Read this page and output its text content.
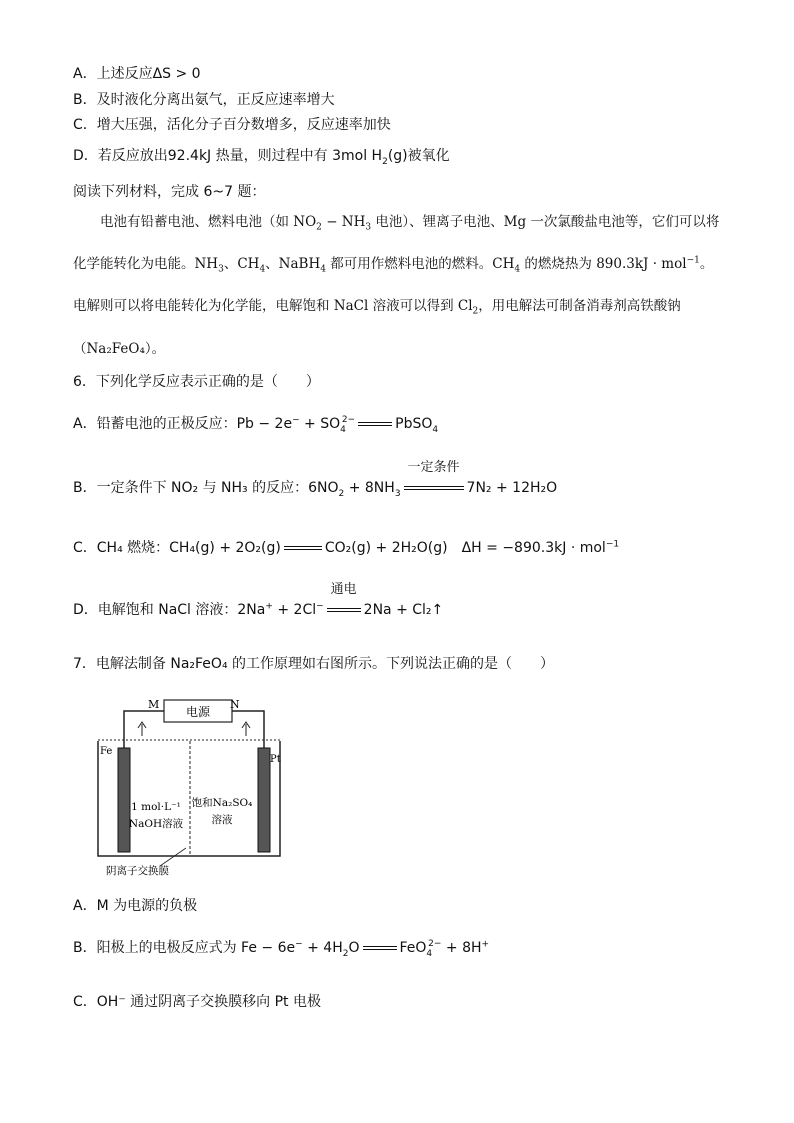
A．上述反应ΔS > 0
B．及时液化分离出氨气，正反应速率增大
C．增大压强，活化分子百分数增多，反应速率加快
D．若反应放出92.4kJ 热量，则过程中有 3mol $H_2(g)$被氧化
阅读下列材料，完成 6~7 题：
电池有铅蓄电池、燃料电池（如 $NO_2 - NH_3$ 电池）、锂离子电池、Mg 一次氯酸盐电池等，它们可以将
化学能转化为电能。$NH_3$、$CH_4$、NaBH$_4$ 都可用作燃料电池的燃料。$CH_4$ 的燃烧热为 890.3kJ · mol$^{-1}$。
电解则可以将电能转化为化学能，电解饱和 NaCl 溶液可以得到 $Cl_2$，用电解法可制备消毒剂高铁酸钠
（Na₂FeO₄）。
6．下列化学反应表示正确的是（　　）
A．铅蓄电池的正极反应：$Pb - 2e^- + SO_4^{2-}$	PbSO$_4$
B．一定条件下 NO₂ 与 NH₃ 的反应：$6NO_2 + 8NH_3$
一定条件
7N₂ + 12H₂O
C．CH₄ 燃烧：CH₄(g) + 2O₂(g)	CO₂(g) + 2H₂O(g)　ΔH = −890.3kJ · mol$^{-1}$
D．电解饱和 NaCl 溶液：2Na+ + 2Cl−
通电
2Na + Cl₂↑
7．电解法制备 Na₂FeO₄ 的工作原理如右图所示。下列说法正确的是（　　）
电源
M	N
Fe
Pt
1 mol·L⁻¹
NaOH溶液
饱和Na₂SO₄
溶液
阴离子交换膜
A．M 为电源的负极
B．阳极上的电极反应式为 $Fe - 6e^- + 4H_2O$	FeO$_4^{2-}$ + 8H+
C．OH⁻ 通过阴离子交换膜移向 Pt 电极
